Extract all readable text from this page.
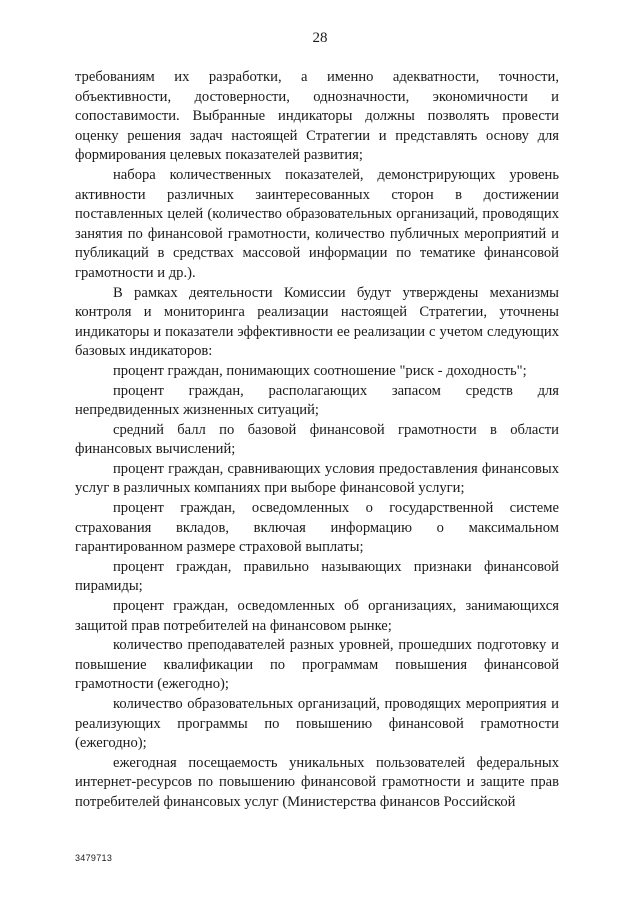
28

требованиям их разработки, а именно адекватности, точности, объективности, достоверности, однозначности, экономичности и сопоставимости. Выбранные индикаторы должны позволять провести оценку решения задач настоящей Стратегии и представлять основу для формирования целевых показателей развития;

набора количественных показателей, демонстрирующих уровень активности различных заинтересованных сторон в достижении поставленных целей (количество образовательных организаций, проводящих занятия по финансовой грамотности, количество публичных мероприятий и публикаций в средствах массовой информации по тематике финансовой грамотности и др.).

В рамках деятельности Комиссии будут утверждены механизмы контроля и мониторинга реализации настоящей Стратегии, уточнены индикаторы и показатели эффективности ее реализации с учетом следующих базовых индикаторов:

процент граждан, понимающих соотношение "риск - доходность";

процент граждан, располагающих запасом средств для непредвиденных жизненных ситуаций;

средний балл по базовой финансовой грамотности в области финансовых вычислений;

процент граждан, сравнивающих условия предоставления финансовых услуг в различных компаниях при выборе финансовой услуги;

процент граждан, осведомленных о государственной системе страхования вкладов, включая информацию о максимальном гарантированном размере страховой выплаты;

процент граждан, правильно называющих признаки финансовой пирамиды;

процент граждан, осведомленных об организациях, занимающихся защитой прав потребителей на финансовом рынке;

количество преподавателей разных уровней, прошедших подготовку и повышение квалификации по программам повышения финансовой грамотности (ежегодно);

количество образовательных организаций, проводящих мероприятия и реализующих программы по повышению финансовой грамотности (ежегодно);

ежегодная посещаемость уникальных пользователей федеральных интернет-ресурсов по повышению финансовой грамотности и защите прав потребителей финансовых услуг (Министерства финансов Российской

3479713
